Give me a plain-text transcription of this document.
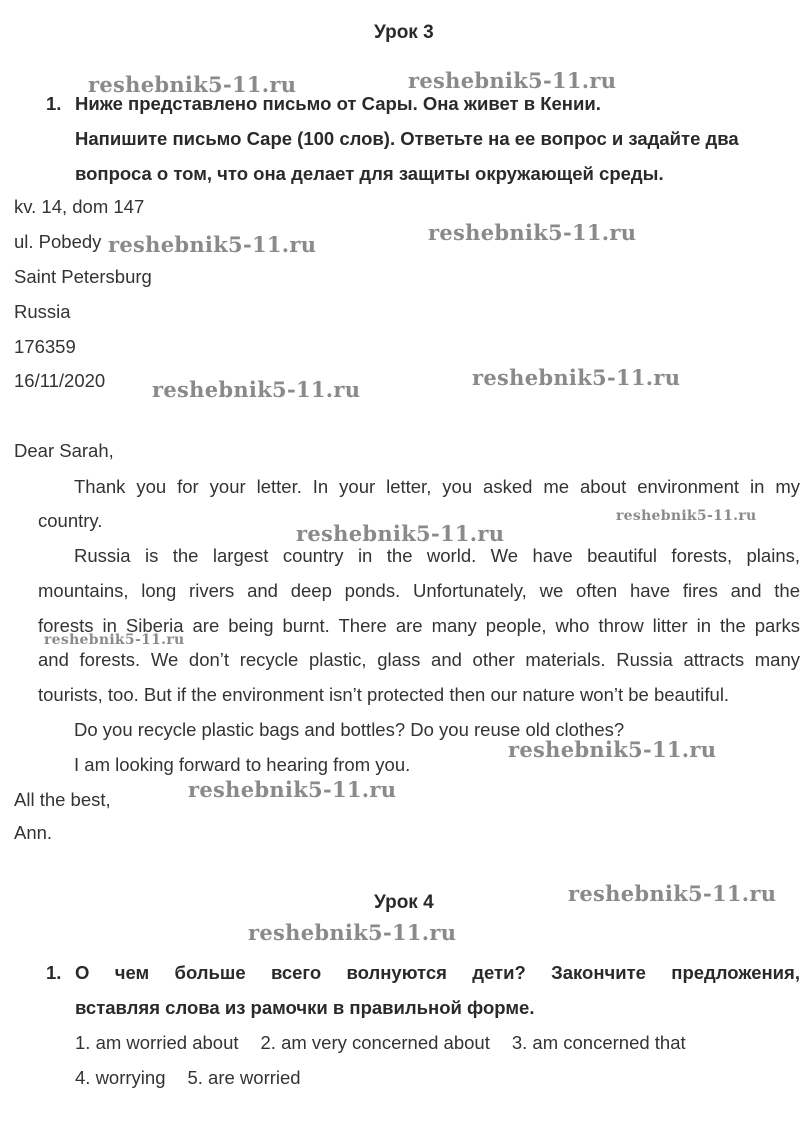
Урок 3
1. Ниже представлено письмо от Сары. Она живет в Кении.
Напишите письмо Саре (100 слов). Ответьте на ее вопрос и задайте два
вопроса о том, что она делает для защиты окружающей среды.
kv. 14, dom 147
ul. Pobedy
Saint Petersburg
Russia
176359
16/11/2020
Dear Sarah,
Thank you for your letter. In your letter, you asked me about environment in my
country.
Russia is the largest country in the world. We have beautiful forests, plains,
mountains, long rivers and deep ponds. Unfortunately, we often have fires and the
forests in Siberia are being burnt. There are many people, who throw litter in the parks
and forests. We don’t recycle plastic, glass and other materials. Russia attracts many
tourists, too. But if the environment isn’t protected then our nature won’t be beautiful.
Do you recycle plastic bags and bottles? Do you reuse old clothes?
I am looking forward to hearing from you.
All the best,
Ann.
Урок 4
1. О чем больше всего волнуются дети? Закончите предложения,
вставляя слова из рамочки в правильной форме.
1. am worried about 2. am very concerned about 3. am concerned that
4. worrying 5. are worried
reshebnik5-11.ru	reshebnik5-11.ru
reshebnik5-11.ru
reshebnik5-11.ru
reshebnik5-11.ru
reshebnik5-11.ru
reshebnik5-11.ru
reshebnik5-11.ru
reshebnik5-11.ru
reshebnik5-11.ru
reshebnik5-11.ru
reshebnik5-11.ru
reshebnik5-11.ru
